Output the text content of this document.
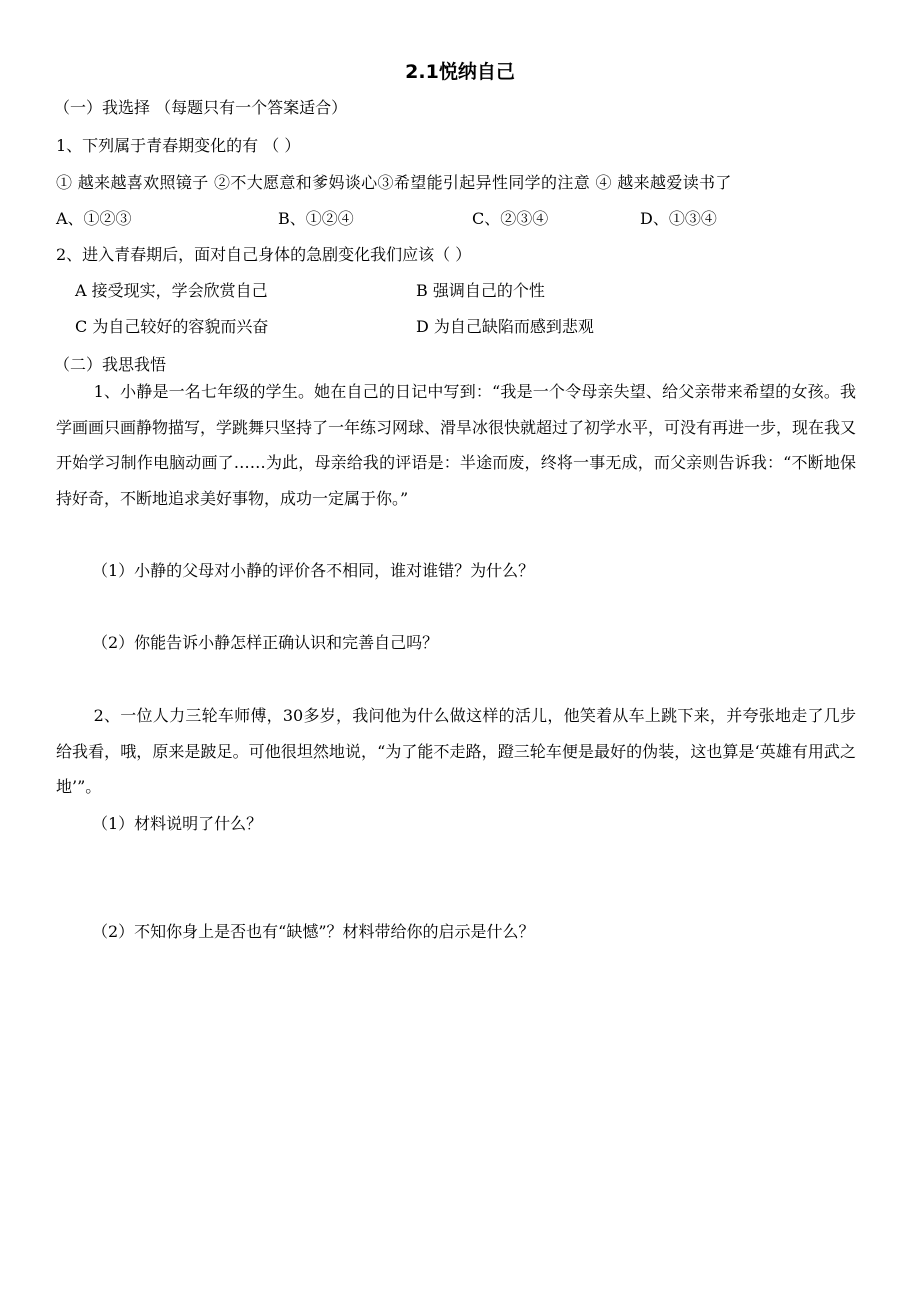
2.1悦纳自己
（一）我选择 （每题只有一个答案适合）
1、下列属于青春期变化的有 （ ）
① 越来越喜欢照镜子 ②不大愿意和爹妈谈心③希望能引起异性同学的注意 ④ 越来越爱读书了
A、①②③	B、①②④	C、②③④	D、①③④
2、进入青春期后，面对自己身体的急剧变化我们应该（ ）
A 接受现实，学会欣赏自己	B 强调自己的个性
C 为自己较好的容貌而兴奋	D 为自己缺陷而感到悲观
（二）我思我悟
1、小静是一名七年级的学生。她在自己的日记中写到：“我是一个令母亲失望、给父亲带来希望的女孩。我学画画只画静物描写，学跳舞只坚持了一年练习网球、滑旱冰很快就超过了初学水平，可没有再进一步，现在我又开始学习制作电脑动画了……为此，母亲给我的评语是：半途而废，终将一事无成，而父亲则告诉我：“不断地保持好奇，不断地追求美好事物，成功一定属于你。”
（1）小静的父母对小静的评价各不相同，谁对谁错？为什么？
（2）你能告诉小静怎样正确认识和完善自己吗？
2、一位人力三轮车师傅，30多岁，我问他为什么做这样的活儿，他笑着从车上跳下来，并夸张地走了几步给我看，哦，原来是跛足。可他很坦然地说，“为了能不走路，蹬三轮车便是最好的伪装，这也算是‘英雄有用武之地’”。
（1）材料说明了什么？
（2）不知你身上是否也有“缺憾”？材料带给你的启示是什么？
